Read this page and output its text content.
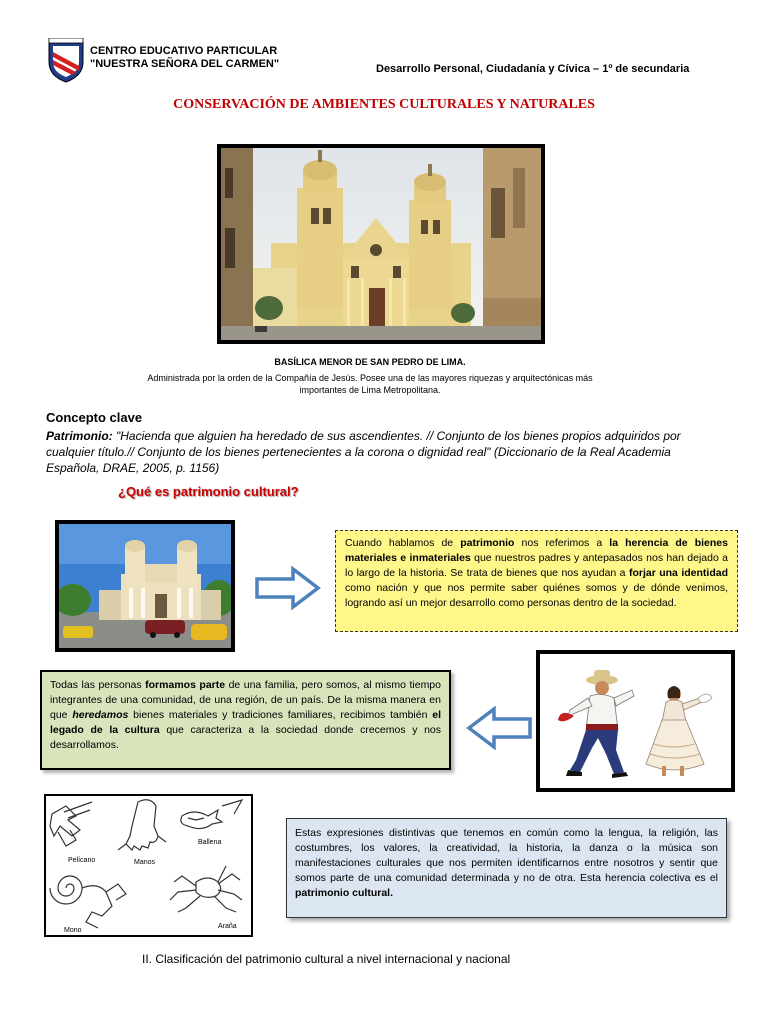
CENTRO EDUCATIVO PARTICULAR
"NUESTRA SEÑORA DEL CARMEN"	Desarrollo Personal, Ciudadanía y Cívica – 1º de secundaria
CONSERVACIÓN DE AMBIENTES CULTURALES Y NATURALES
BASÍLICA MENOR DE SAN PEDRO DE LIMA.
Administrada por la orden de la Compañía de Jesús. Posee una de las mayores riquezas y arquitectónicas más importantes de Lima Metropolitana.
Concepto clave
Patrimonio: "Hacienda que alguien ha heredado de sus ascendientes. // Conjunto de los bienes propios adquiridos por cualquier título.// Conjunto de los bienes pertenecientes a la corona o dignidad real" (Diccionario de la Real Academia Española, DRAE, 2005, p. 1156)
¿Qué es patrimonio cultural?
Cuando hablamos de patrimonio nos referimos a la herencia de bienes materiales e inmateriales que nuestros padres y antepasados nos han dejado a lo largo de la historia. Se trata de bienes que nos ayudan a forjar una identidad como nación y que nos permite saber quiénes somos y de dónde venimos, logrando así un mejor desarrollo como personas dentro de la sociedad.
Todas las personas formamos parte de una familia, pero somos, al mismo tiempo integrantes de una comunidad, de una región, de un país. De la misma manera en que heredamos bienes materiales y tradiciones familiares, recibimos también el legado de la cultura que caracteriza a la sociedad donde crecemos y nos desarrollamos.
Pelícano	Manos
Ballena
Mono
Araña
Estas expresiones distintivas que tenemos en común como la lengua, la religión, las costumbres, los valores, la creatividad, la historia, la danza o la música son manifestaciones culturales que nos permiten identificarnos entre nosotros y sentir que somos parte de una comunidad determinada y no de otra. Esta herencia colectiva es el patrimonio cultural.
II. Clasificación del patrimonio cultural a nivel internacional y nacional
